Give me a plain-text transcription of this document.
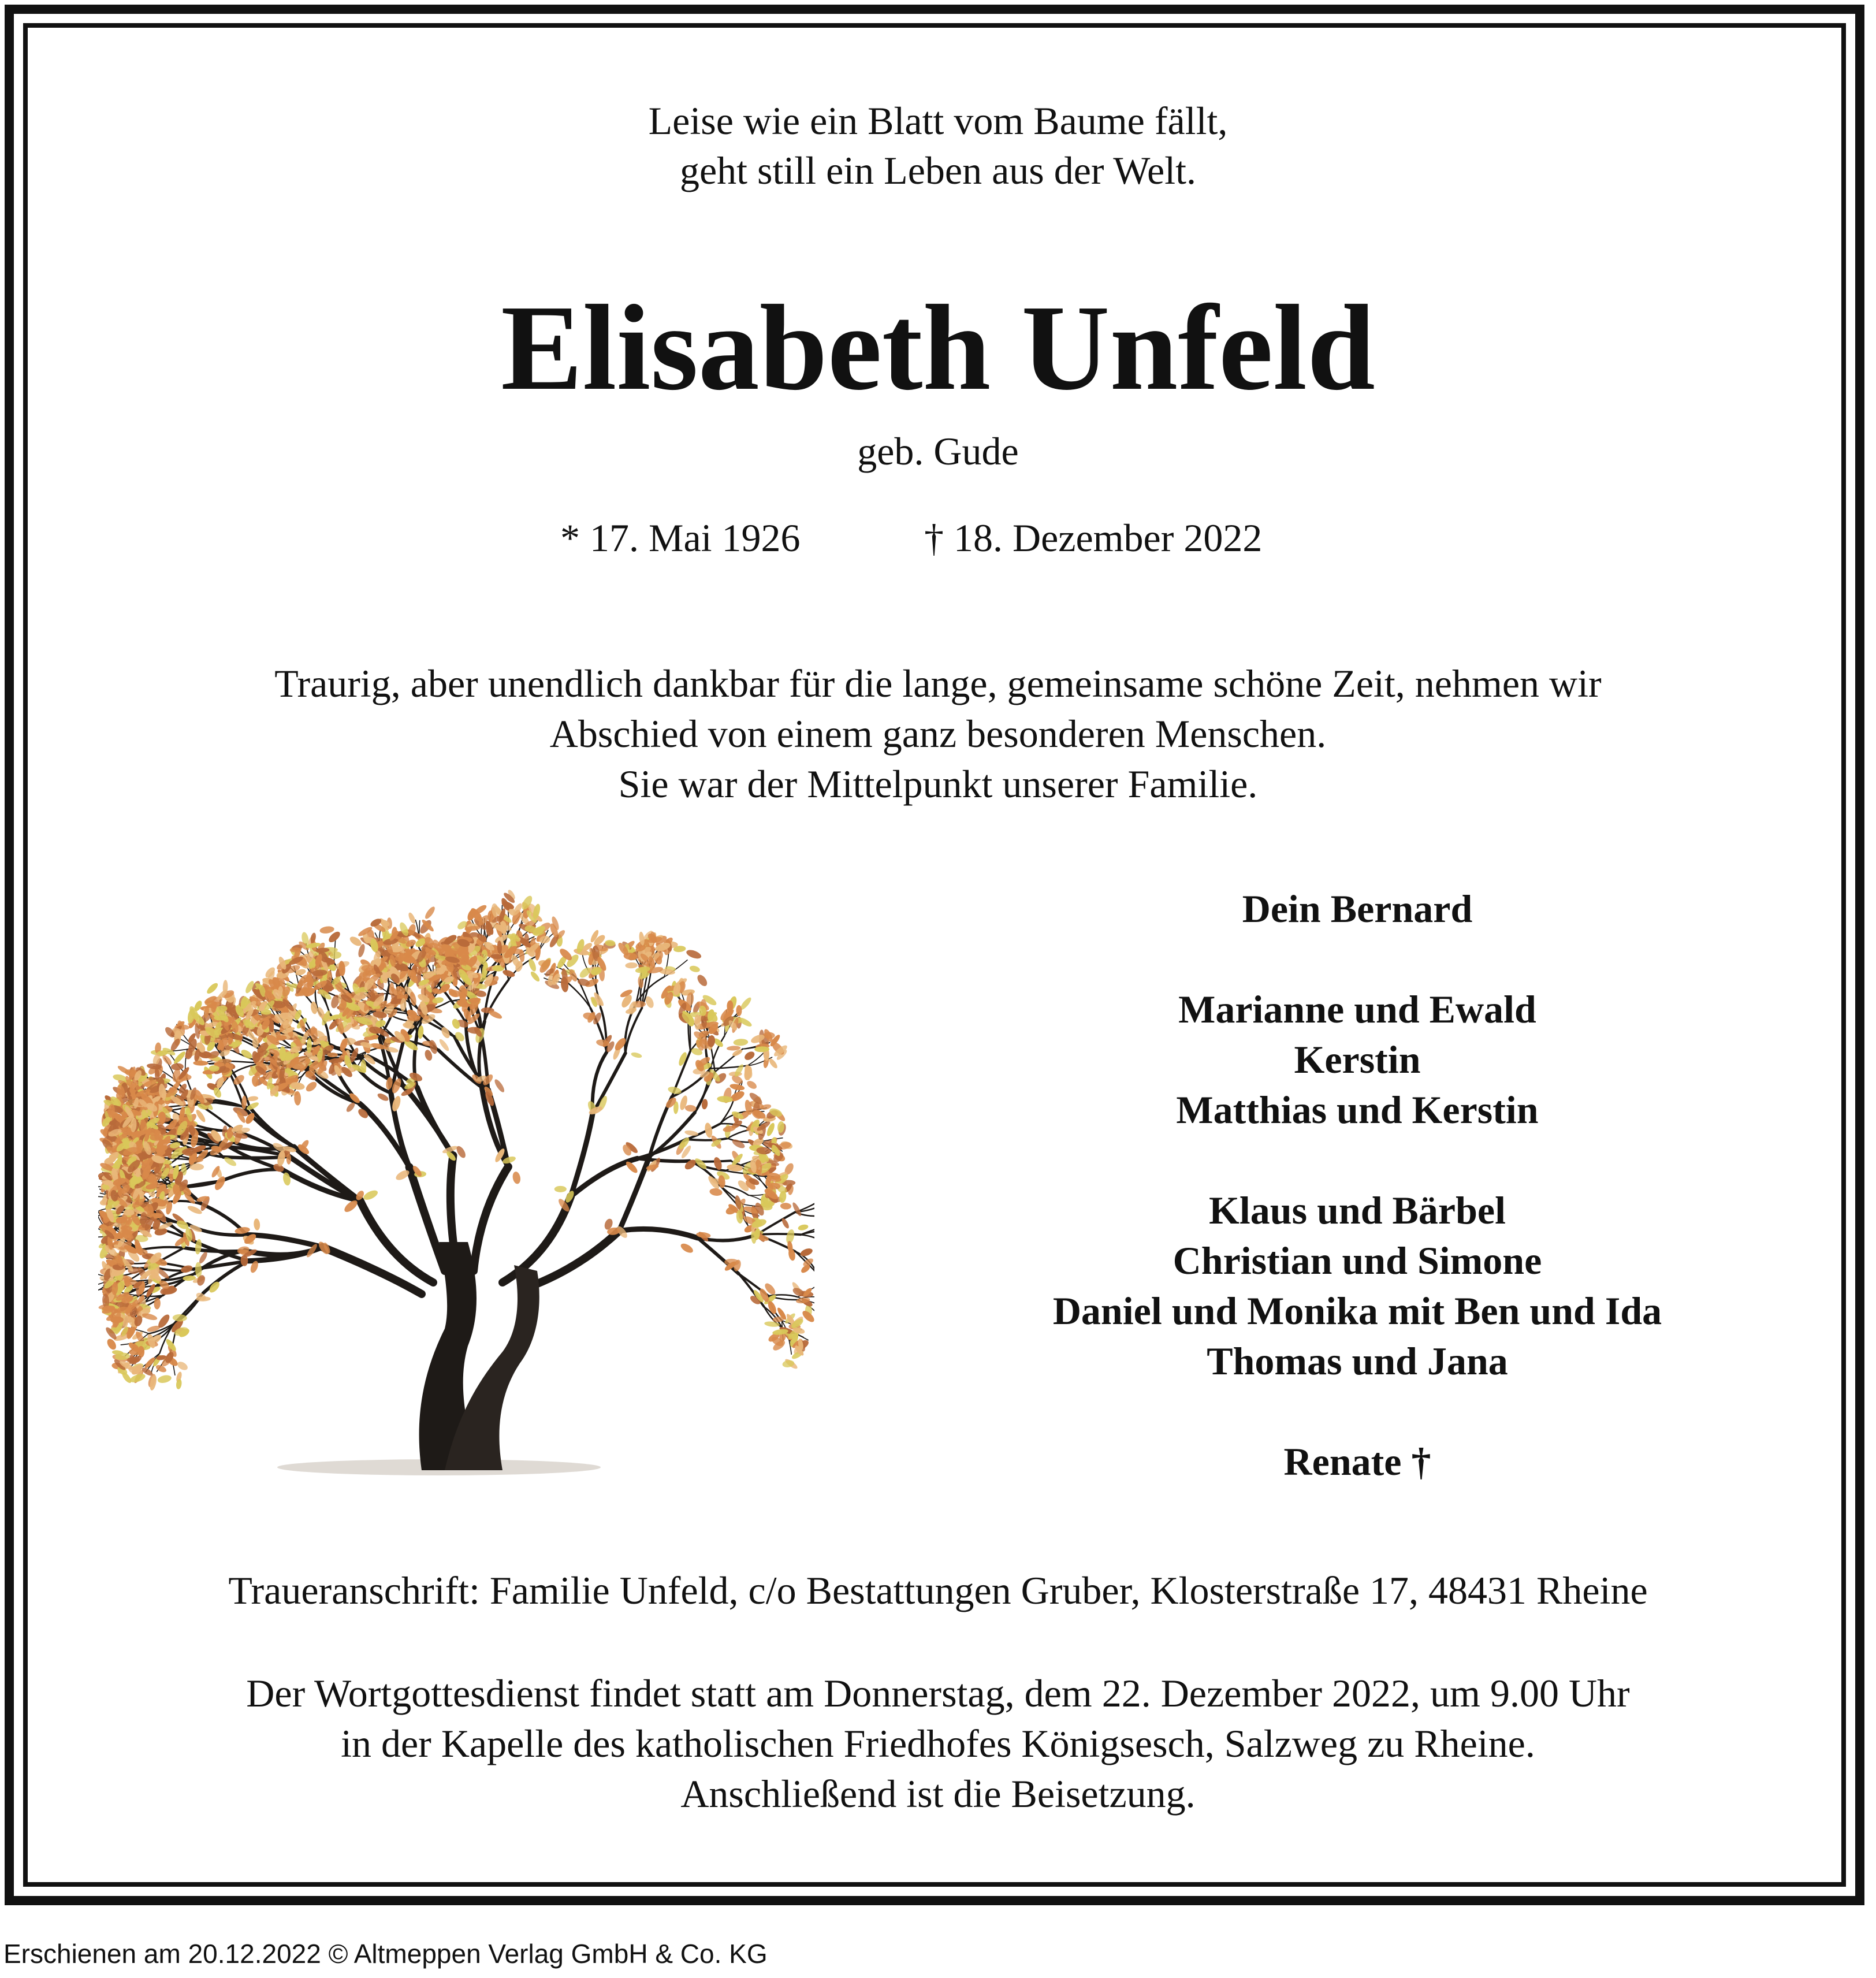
Leise wie ein Blatt vom Baume fällt,
geht still ein Leben aus der Welt.
Elisabeth Unfeld
geb. Gude
* 17. Mai 1926	† 18. Dezember 2022
Traurig, aber unendlich dankbar für die lange, gemeinsame schöne Zeit, nehmen wir
Abschied von einem ganz besonderen Menschen.
Sie war der Mittelpunkt unserer Familie.
Dein Bernard
Marianne und Ewald
Kerstin
Matthias und Kerstin
Klaus und Bärbel
Christian und Simone
Daniel und Monika mit Ben und Ida
Thomas und Jana
Renate †
Traueranschrift: Familie Unfeld, c/o Bestattungen Gruber, Klosterstraße 17, 48431 Rheine
Der Wortgottesdienst findet statt am Donnerstag, dem 22. Dezember 2022, um 9.00 Uhr
in der Kapelle des katholischen Friedhofes Königsesch, Salzweg zu Rheine.
Anschließend ist die Beisetzung.
Erschienen am 20.12.2022 © Altmeppen Verlag GmbH & Co. KG
